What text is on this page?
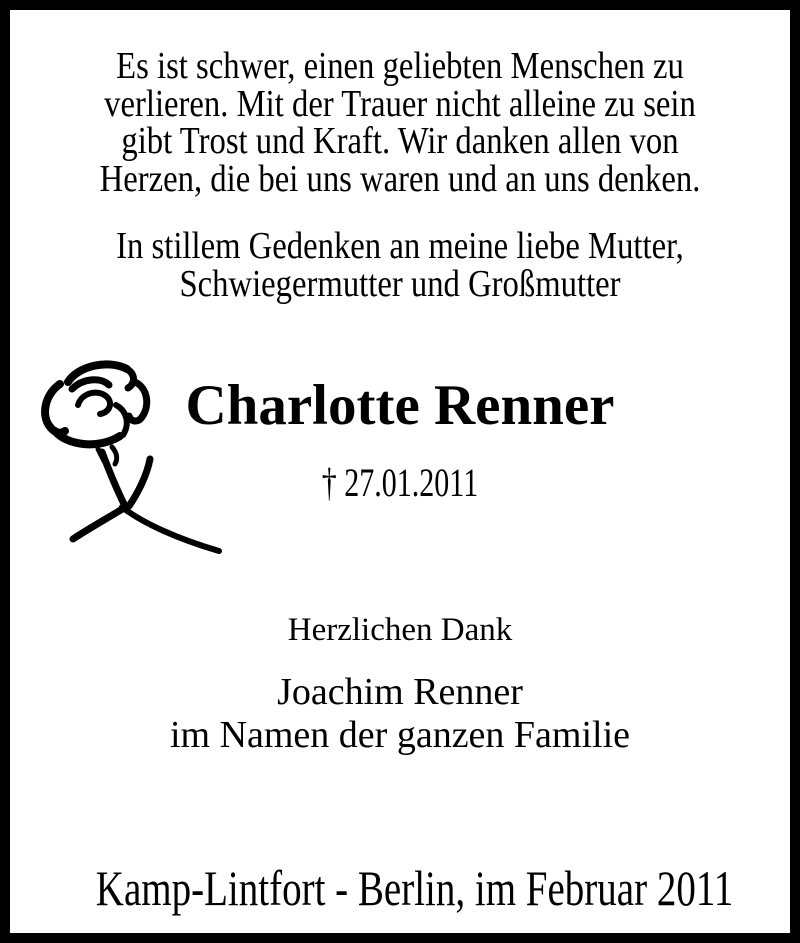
Es ist schwer, einen geliebten Menschen zu
verlieren. Mit der Trauer nicht alleine zu sein
gibt Trost und Kraft. Wir danken allen von
Herzen, die bei uns waren und an uns denken.
In stillem Gedenken an meine liebe Mutter,
Schwiegermutter und Großmutter
Charlotte Renner
† 27.01.2011
Herzlichen Dank
Joachim Renner
im Namen der ganzen Familie
Kamp-Lintfort - Berlin, im Februar 2011
